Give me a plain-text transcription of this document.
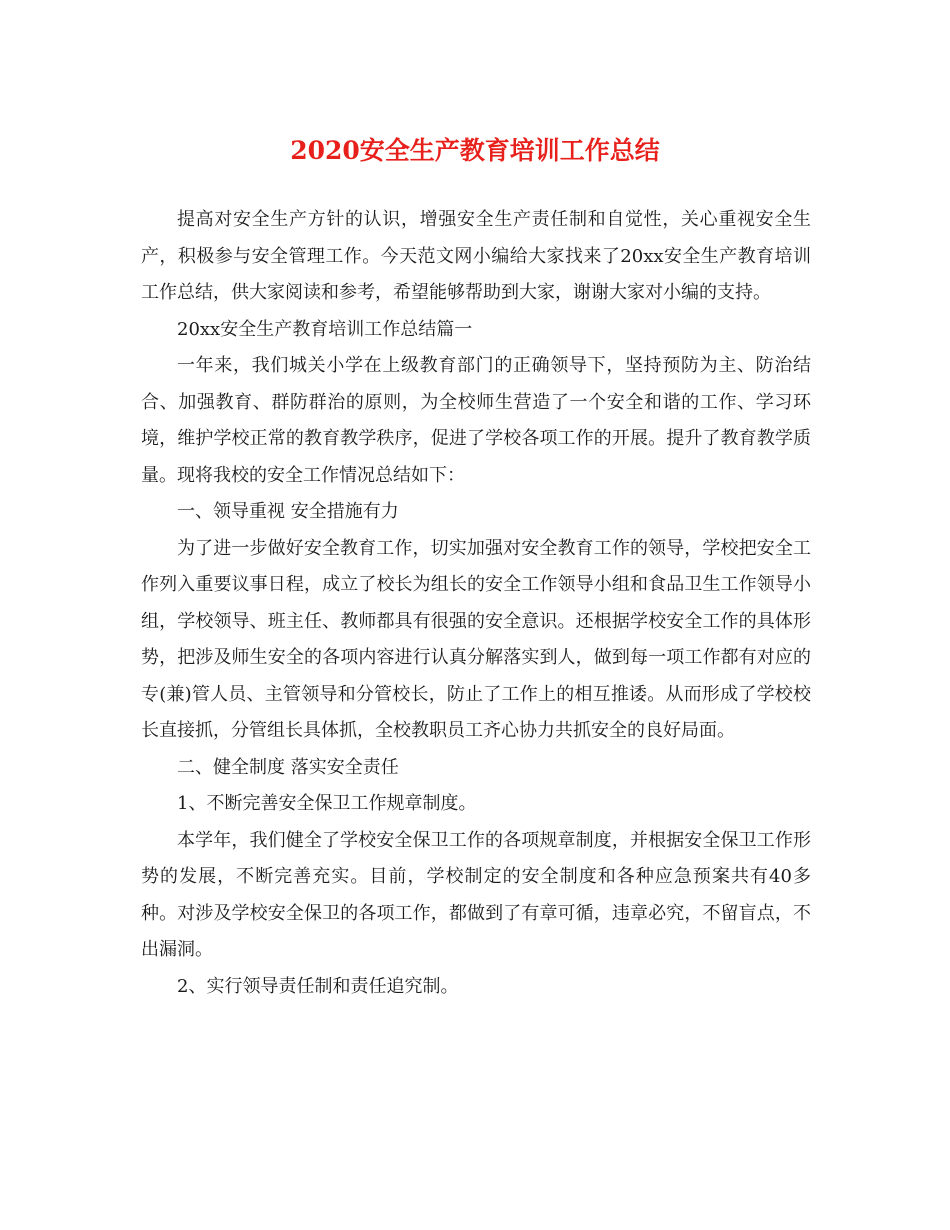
2020安全生产教育培训工作总结

提高对安全生产方针的认识，增强安全生产责任制和自觉性，关心重视安全生产，积极参与安全管理工作。今天范文网小编给大家找来了20xx安全生产教育培训工作总结，供大家阅读和参考，希望能够帮助到大家，谢谢大家对小编的支持。

20xx安全生产教育培训工作总结篇一

一年来，我们城关小学在上级教育部门的正确领导下，坚持预防为主、防治结合、加强教育、群防群治的原则，为全校师生营造了一个安全和谐的工作、学习环境，维护学校正常的教育教学秩序，促进了学校各项工作的开展。提升了教育教学质量。现将我校的安全工作情况总结如下：

一、领导重视 安全措施有力

为了进一步做好安全教育工作，切实加强对安全教育工作的领导，学校把安全工作列入重要议事日程，成立了校长为组长的安全工作领导小组和食品卫生工作领导小组，学校领导、班主任、教师都具有很强的安全意识。还根据学校安全工作的具体形势，把涉及师生安全的各项内容进行认真分解落实到人，做到每一项工作都有对应的专(兼)管人员、主管领导和分管校长，防止了工作上的相互推诿。从而形成了学校校长直接抓，分管组长具体抓，全校教职员工齐心协力共抓安全的良好局面。

二、健全制度 落实安全责任

1、不断完善安全保卫工作规章制度。

本学年，我们健全了学校安全保卫工作的各项规章制度，并根据安全保卫工作形势的发展，不断完善充实。目前，学校制定的安全制度和各种应急预案共有40多种。对涉及学校安全保卫的各项工作，都做到了有章可循，违章必究，不留盲点，不出漏洞。

2、实行领导责任制和责任追究制。
